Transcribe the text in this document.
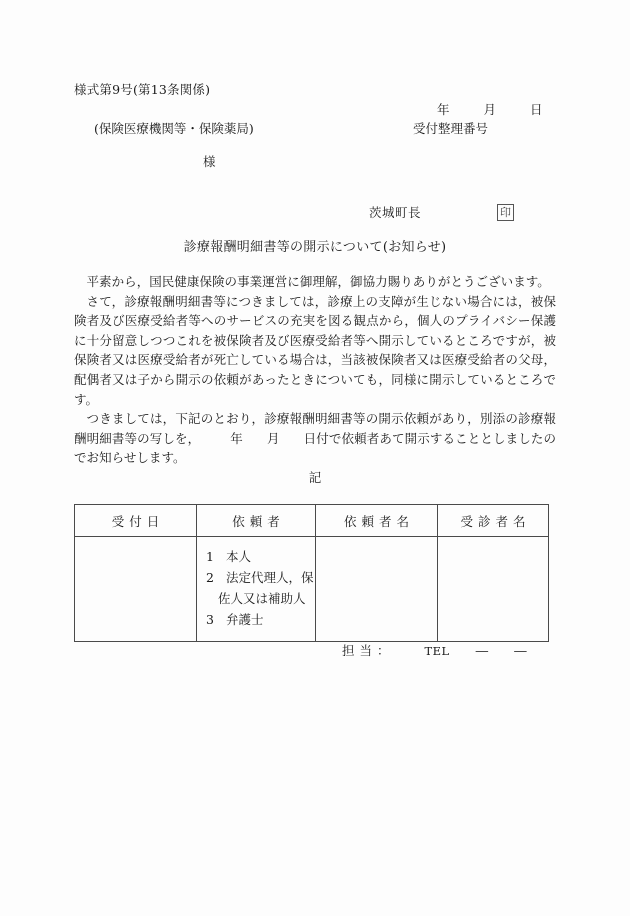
様式第9号(第13条関係)
年	月	日
受付整理番号
(保険医療機関等・保険薬局)
様
茨城町長	印
診療報酬明細書等の開示について(お知らせ)

平素から，国民健康保険の事業運営に御理解，御協力賜りありがとうございます。

さて，診療報酬明細書等につきましては，診療上の支障が生じない場合には，被保険者及び医療受給者等へのサービスの充実を図る観点から，個人のプライバシー保護に十分留意しつつこれを被保険者及び医療受給者等へ開示しているところですが，被保険者又は医療受給者が死亡している場合は，当該被保険者又は医療受給者の父母，配偶者又は子から開示の依頼があったときについても，同様に開示しているところです。

つきましては，下記のとおり，診療報酬明細書等の開示依頼があり，別添の診療報酬明細書等の写しを， 年 月 日付で依頼者あて開示することとしましたのでお知らせします。

記
受付日	依頼者	依頼者名	受診者名

	1 本人
2 法定代理人，保
佐人又は補助人
3 弁護士		

担当：	TEL ― ―
